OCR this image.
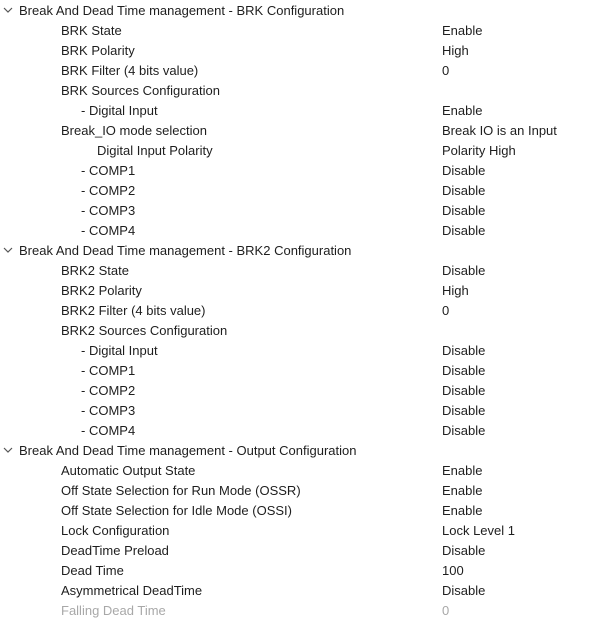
Break And Dead Time management - BRK Configuration
BRK State	Enable
BRK Polarity	High
BRK Filter (4 bits value)	0
BRK Sources Configuration
- Digital Input	Enable
Break_IO mode selection	Break IO is an Input
Digital Input Polarity	Polarity High
- COMP1	Disable
- COMP2	Disable
- COMP3	Disable
- COMP4	Disable
Break And Dead Time management - BRK2 Configuration
BRK2 State	Disable
BRK2 Polarity	High
BRK2 Filter (4 bits value)	0
BRK2 Sources Configuration
- Digital Input	Disable
- COMP1	Disable
- COMP2	Disable
- COMP3	Disable
- COMP4	Disable
Break And Dead Time management - Output Configuration
Automatic Output State	Enable
Off State Selection for Run Mode (OSSR)	Enable
Off State Selection for Idle Mode (OSSI)	Enable
Lock Configuration	Lock Level 1
DeadTime Preload	Disable
Dead Time	100
Asymmetrical DeadTime	Disable
Falling Dead Time	0
